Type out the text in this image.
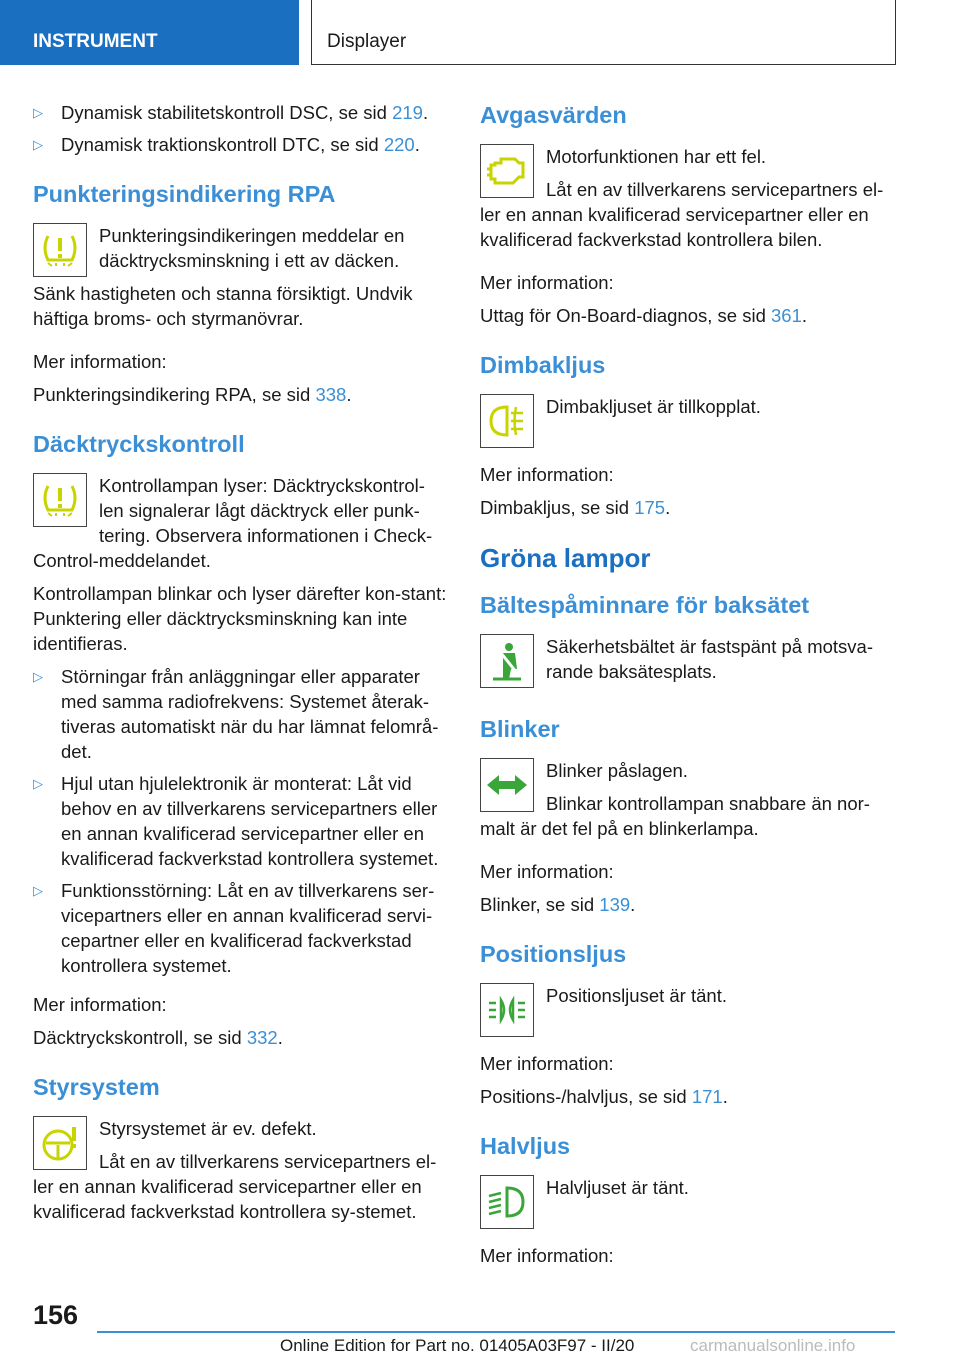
INSTRUMENT	Displayer
▷ Dynamisk stabilitetskontroll DSC, se sid 219.
▷ Dynamisk traktionskontroll DTC, se sid 220.
Punkteringsindikering RPA

Punkteringsindikeringen meddelar en däcktrycksminskning i ett av däcken.

Sänk hastigheten och stanna försiktigt. Undvik häftiga broms- och styrmanövrar.

Mer information:

Punkteringsindikering RPA, se sid 338.

Däcktryckskontroll

Kontrollampan lyser: Däcktryckskontrol-len signalerar lågt däcktryck eller punk-tering. Observera informationen i Check-Control-meddelandet.

Kontrollampan blinkar och lyser därefter kon-stant: Punktering eller däcktrycksminskning kan inte identifieras.

▷ Störningar från anläggningar eller apparater med samma radiofrekvens: Systemet återak-tiveras automatiskt när du har lämnat felområ-det.
▷ Hjul utan hjulelektronik är monterat: Låt vid behov en av tillverkarens servicepartners eller en annan kvalificerad servicepartner eller en kvalificerad fackverkstad kontrollera systemet.
▷ Funktionsstörning: Låt en av tillverkarens ser-vicepartners eller en annan kvalificerad servi-cepartner eller en kvalificerad fackverkstad kontrollera systemet.

Mer information:

Däcktryckskontroll, se sid 332.

Styrsystem

Styrsystemet är ev. defekt.

Låt en av tillverkarens servicepartners el-ler en annan kvalificerad servicepartner eller en kvalificerad fackverkstad kontrollera sy-stemet.

Avgasvärden

Motorfunktionen har ett fel.

Låt en av tillverkarens servicepartners el-ler en annan kvalificerad servicepartner eller en kvalificerad fackverkstad kontrollera bilen.

Mer information:

Uttag för On-Board-diagnos, se sid 361.

Dimbakljus

Dimbakljuset är tillkopplat.

Mer information:

Dimbakljus, se sid 175.

Gröna lampor
Bältespåminnare för baksätet

Säkerhetsbältet är fastspänt på motsva-rande baksätesplats.

Blinker

Blinker påslagen.

Blinkar kontrollampan snabbare än nor-malt är det fel på en blinkerlampa.

Mer information:

Blinker, se sid 139.

Positionsljus

Positionsljuset är tänt.

Mer information:

Positions-/halvljus, se sid 171.

Halvljus

Halvljuset är tänt.

Mer information:

156
Online Edition for Part no. 01405A03F97 - II/20	carmanualsonline.info
